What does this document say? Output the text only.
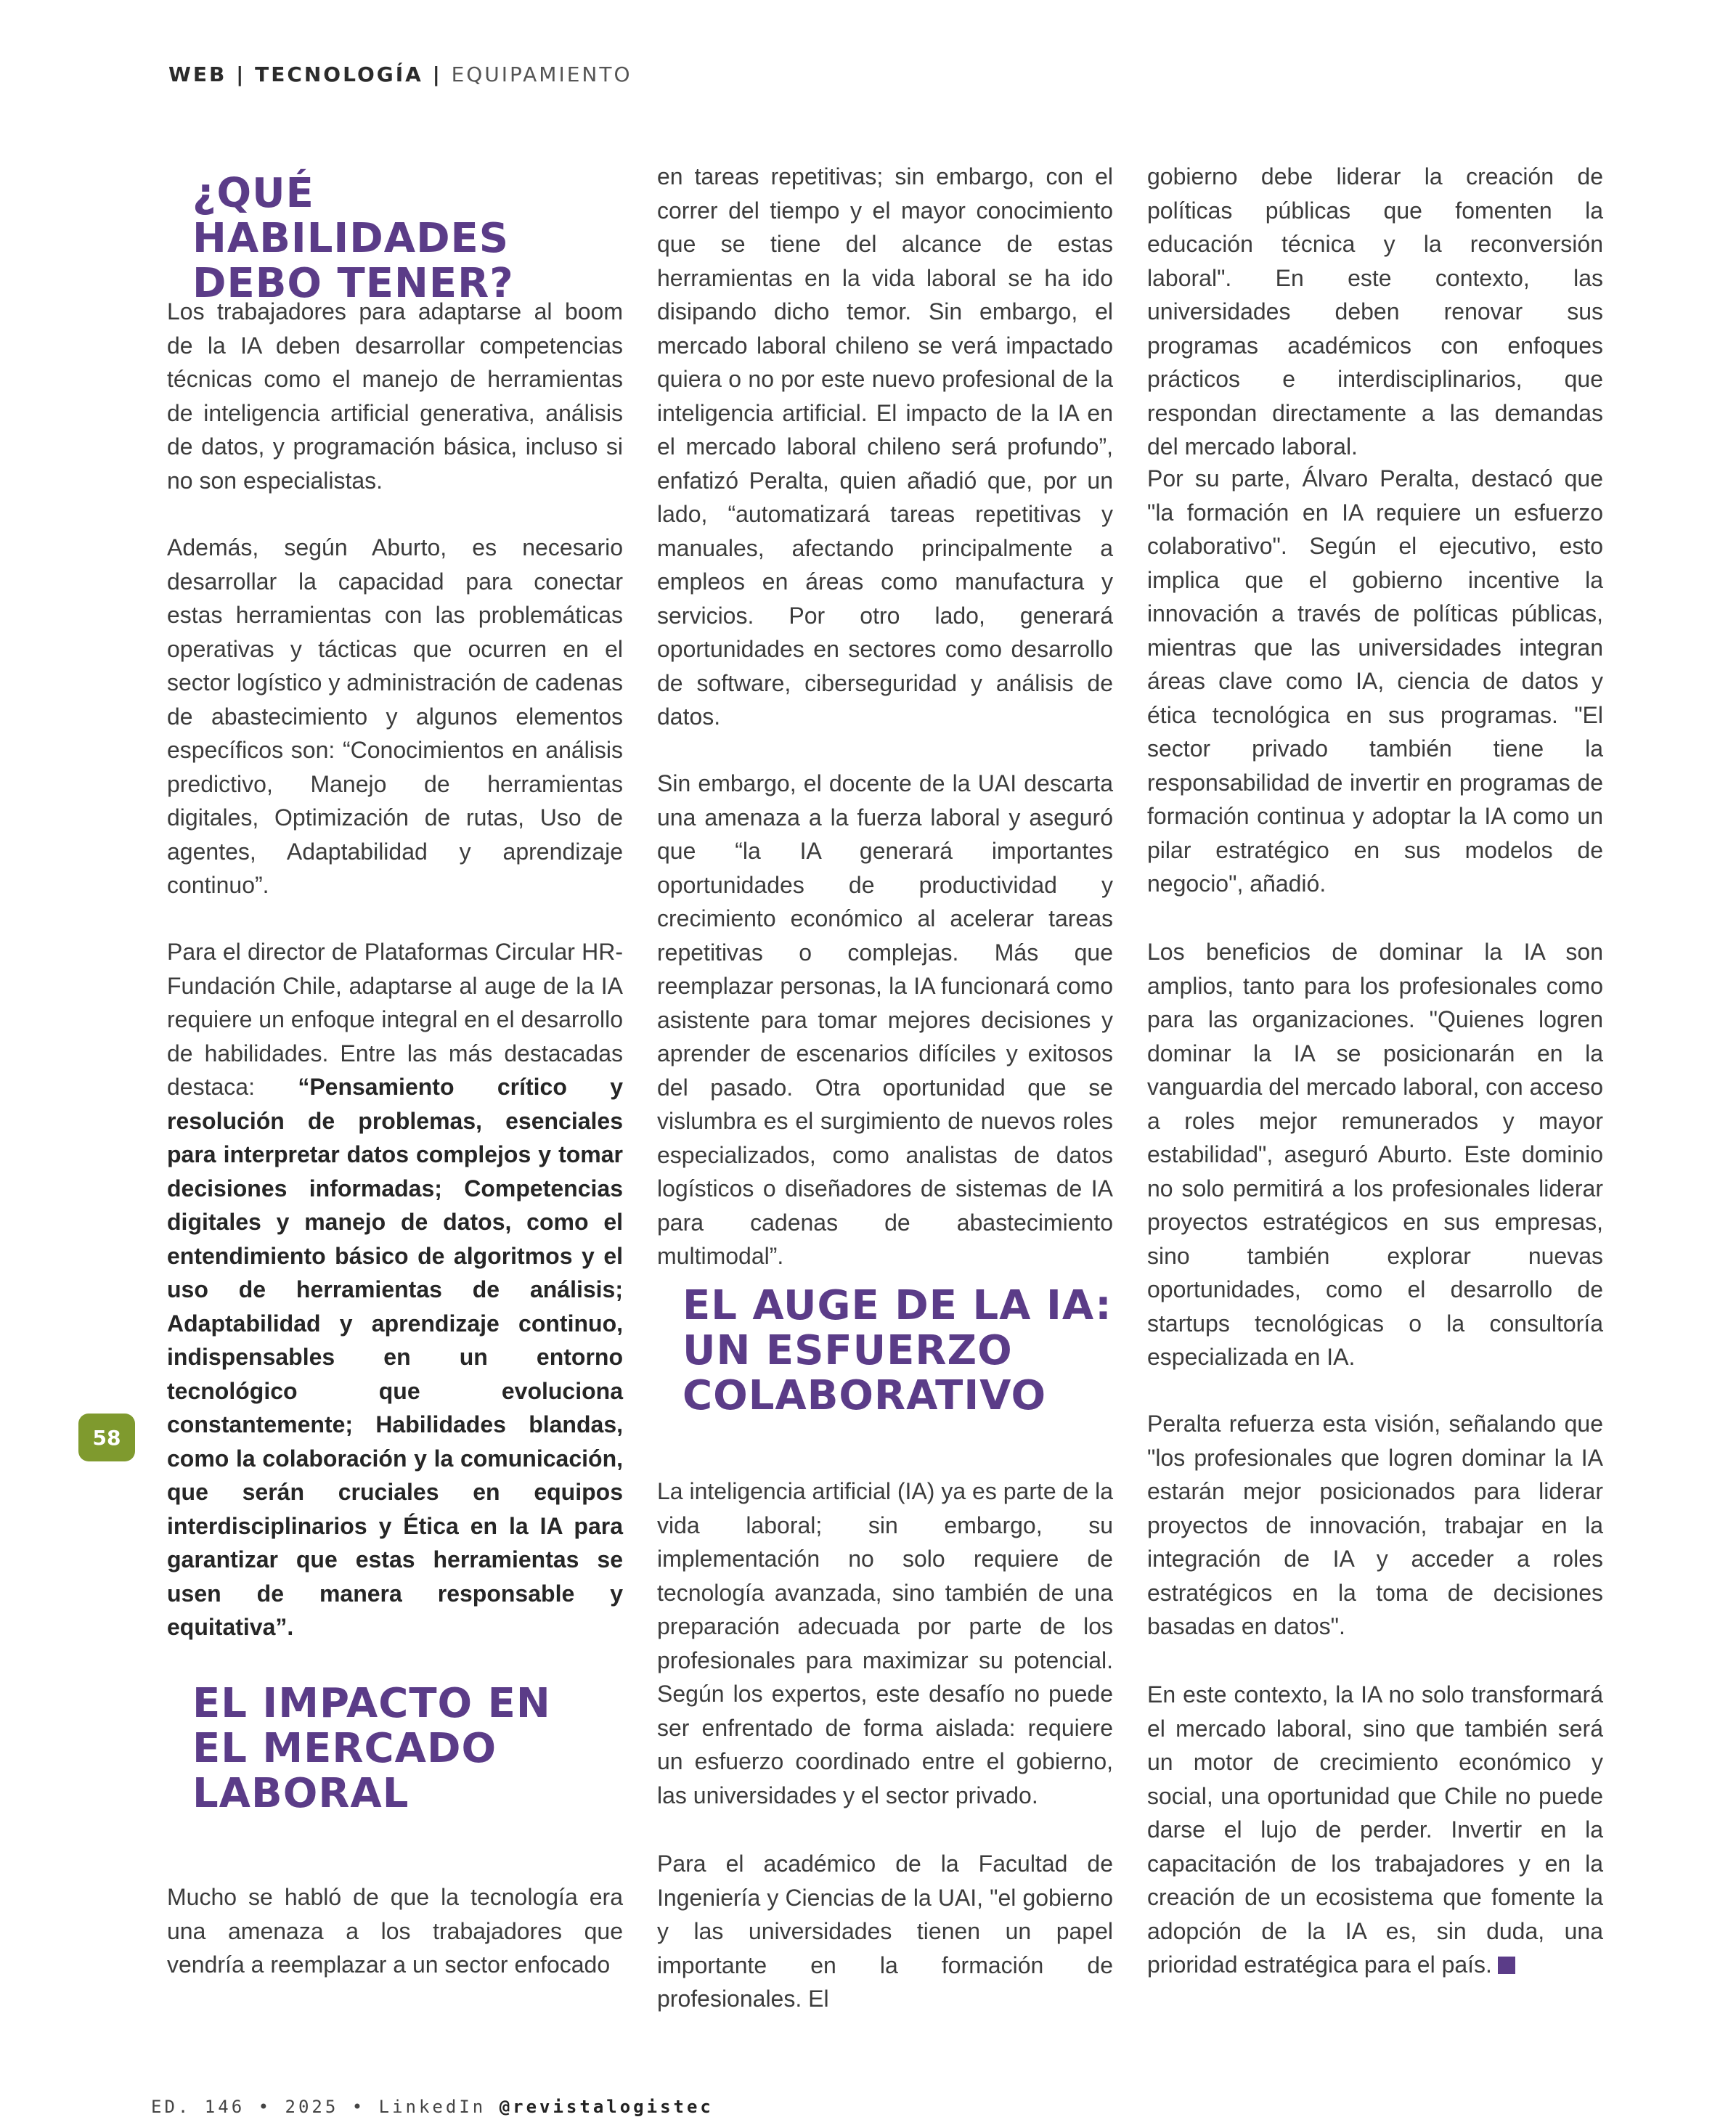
WEB | TECNOLOGÍA | EQUIPAMIENTO
¿QUÉ HABILIDADES DEBO TENER?

Los trabajadores para adaptarse al boom de la IA deben desarrollar competencias técnicas como el manejo de herramientas de inteligencia artificial generativa, análisis de datos, y programación básica, incluso si no son especialistas.

Además, según Aburto, es necesario desarrollar la capacidad para conectar estas herramientas con las problemáticas operativas y tácticas que ocurren en el sector logístico y administración de cadenas de abastecimiento y algunos elementos específicos son: “Conocimientos en análisis predictivo, Manejo de herramientas digitales, Optimización de rutas, Uso de agentes, Adaptabilidad y aprendizaje continuo”.

Para el director de Plataformas Circular HR-Fundación Chile, adaptarse al auge de la IA requiere un enfoque integral en el desarrollo de habilidades. Entre las más destacadas destaca: “Pensamiento crítico y resolución de problemas, esenciales para interpretar datos complejos y tomar decisiones informadas; Competencias digitales y manejo de datos, como el entendimiento básico de algoritmos y el uso de herramientas de análisis; Adaptabilidad y aprendizaje continuo, indispensables en un entorno tecnológico que evoluciona constantemente; Habilidades blandas, como la colaboración y la comunicación, que serán cruciales en equipos interdisciplinarios y Ética en la IA para garantizar que estas herramientas se usen de manera responsable y equitativa”.

EL IMPACTO EN EL MERCADO LABORAL

Mucho se habló de que la tecnología era una amenaza a los trabajadores que vendría a reemplazar a un sector enfocado

en tareas repetitivas; sin embargo, con el correr del tiempo y el mayor conocimiento que se tiene del alcance de estas herramientas en la vida laboral se ha ido disipando dicho temor. Sin embargo, el mercado laboral chileno se verá impactado quiera o no por este nuevo profesional de la inteligencia artificial. El impacto de la IA en el mercado laboral chileno será profundo”, enfatizó Peralta, quien añadió que, por un lado, “automatizará tareas repetitivas y manuales, afectando principalmente a empleos en áreas como manufactura y servicios. Por otro lado, generará oportunidades en sectores como desarrollo de software, ciberseguridad y análisis de datos.

Sin embargo, el docente de la UAI descarta una amenaza a la fuerza laboral y aseguró que “la IA generará importantes oportunidades de productividad y crecimiento económico al acelerar tareas repetitivas o complejas. Más que reemplazar personas, la IA funcionará como asistente para tomar mejores decisiones y aprender de escenarios difíciles y exitosos del pasado. Otra oportunidad que se vislumbra es el surgimiento de nuevos roles especializados, como analistas de datos logísticos o diseñadores de sistemas de IA para cadenas de abastecimiento multimodal”.

EL AUGE DE LA IA: UN ESFUERZO COLABORATIVO

La inteligencia artificial (IA) ya es parte de la vida laboral; sin embargo, su implementación no solo requiere de tecnología avanzada, sino también de una preparación adecuada por parte de los profesionales para maximizar su potencial. Según los expertos, este desafío no puede ser enfrentado de forma aislada: requiere un esfuerzo coordinado entre el gobierno, las universidades y el sector privado.

Para el académico de la Facultad de Ingeniería y Ciencias de la UAI, "el gobierno y las universidades tienen un papel importante en la formación de profesionales. El

gobierno debe liderar la creación de políticas públicas que fomenten la educación técnica y la reconversión laboral". En este contexto, las universidades deben renovar sus programas académicos con enfoques prácticos e interdisciplinarios, que respondan directamente a las demandas del mercado laboral.

Por su parte, Álvaro Peralta, destacó que "la formación en IA requiere un esfuerzo colaborativo". Según el ejecutivo, esto implica que el gobierno incentive la innovación a través de políticas públicas, mientras que las universidades integran áreas clave como IA, ciencia de datos y ética tecnológica en sus programas. "El sector privado también tiene la responsabilidad de invertir en programas de formación continua y adoptar la IA como un pilar estratégico en sus modelos de negocio", añadió.

Los beneficios de dominar la IA son amplios, tanto para los profesionales como para las organizaciones. "Quienes logren dominar la IA se posicionarán en la vanguardia del mercado laboral, con acceso a roles mejor remunerados y mayor estabilidad", aseguró Aburto. Este dominio no solo permitirá a los profesionales liderar proyectos estratégicos en sus empresas, sino también explorar nuevas oportunidades, como el desarrollo de startups tecnológicas o la consultoría especializada en IA.

Peralta refuerza esta visión, señalando que "los profesionales que logren dominar la IA estarán mejor posicionados para liderar proyectos de innovación, trabajar en la integración de IA y acceder a roles estratégicos en la toma de decisiones basadas en datos".

En este contexto, la IA no solo transformará el mercado laboral, sino que también será un motor de crecimiento económico y social, una oportunidad que Chile no puede darse el lujo de perder. Invertir en la capacitación de los trabajadores y en la creación de un ecosistema que fomente la adopción de la IA es, sin duda, una prioridad estratégica para el país.

58
ED. 146 • 2025 • LinkedIn @revistalogistec
